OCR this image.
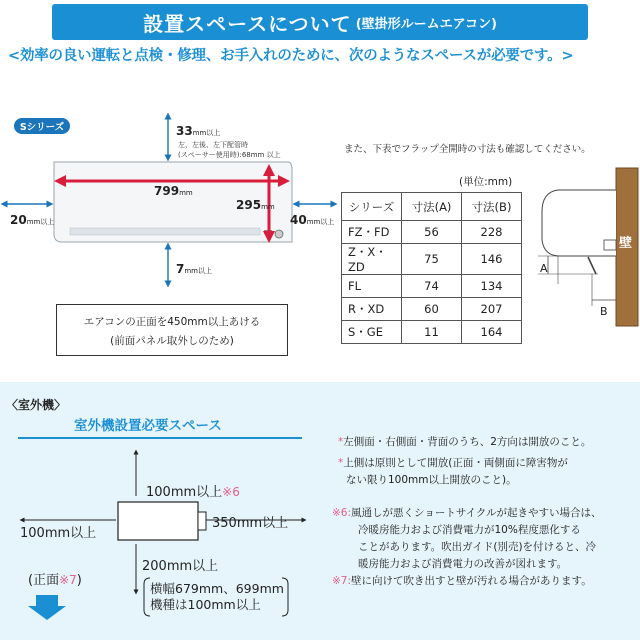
設置スペースについて (壁掛形ルームエアコン)
<効率の良い運転と点検・修理、お手入れのために、次のようなスペースが必要です。>
Sシリーズ	33mm以上
左、左後、左下配管時
(スペーサー使用時):68mm 以上
799mm
295mm
20mm以上	40mm以上
7mm以上
エアコンの正面を450mm以上あける
(前面パネル取外しのため)
また、下表でフラップ全開時の寸法も確認してください。
(単位:mm)
シリーズ	寸法(A)	寸法(B)
FZ・FD	56	228
Z・X・ZD	75	146
FL	74	134
R・XD	60	207
S・GE	11	164
A
B
壁
〈室外機〉
室外機設置必要スペース
100mm以上※6
100mm以上
350mm以上
200mm以上
横幅679mm、699mm
機種は100mm以上
(正面※7)
*左側面・右側面・背面のうち、2方向は開放のこと。
*上側は原則として開放(正面・両側面に障害物が
ない限り100mm以上開放のこと)。
※6:風通しが悪くショートサイクルが起きやすい場合は、
冷暖房能力および消費電力が10%程度悪化する
ことがあります。吹出ガイド(別売)を付けると、冷
暖房能力および消費電力の改善が図れます。
※7:壁に向けて吹き出すと壁が汚れる場合があります。
